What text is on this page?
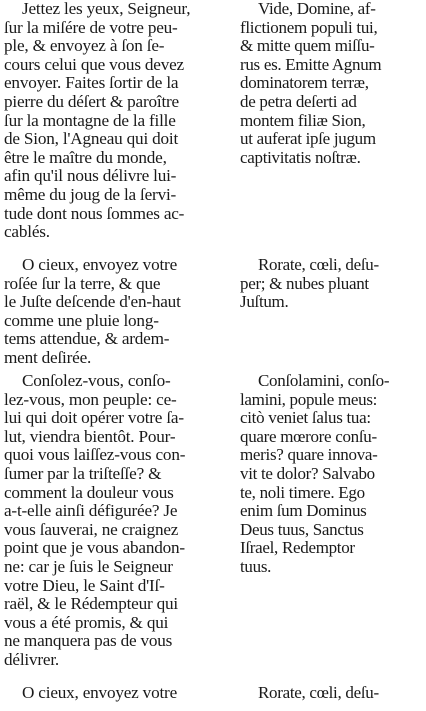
Jettez les yeux, Seigneur,
ſur la miſére de votre peu-
ple, & envoyez à ſon ſe-
cours celui que vous devez
envoyer. Faites ſortir de la
pierre du déſert & paroître
ſur la montagne de la fille
de Sion, l'Agneau qui doit
être le maître du monde,
afin qu'il nous délivre lui-
même du joug de la ſervi-
tude dont nous ſommes ac-
cablés.
O cieux, envoyez votre
roſée ſur la terre, & que
le Juſte deſcende d'en-haut
comme une pluie long-
tems attendue, & ardem-
ment deſirée.
Conſolez-vous, conſo-
lez-vous, mon peuple: ce-
lui qui doit opérer votre ſa-
lut, viendra bientôt. Pour-
quoi vous laiſſez-vous con-
ſumer par la triſteſſe? &
comment la douleur vous
a-t-elle ainſi défigurée? Je
vous ſauverai, ne craignez
point que je vous abandon-
ne: car je ſuis le Seigneur
votre Dieu, le Saint d'Iſ-
raël, & le Rédempteur qui
vous a été promis, & qui
ne manquera pas de vous
délivrer.
O cieux, envoyez votre
Vide, Domine, af-
flictionem populi tui,
& mitte quem miſſu-
rus es. Emitte Agnum
dominatorem terræ,
de petra deſerti ad
montem filiæ Sion,
ut auferat ipſe jugum
captivitatis noſtræ.
Rorate, cœli, deſu-
per; & nubes pluant
Juſtum.
Conſolamini, conſo-
lamini, popule meus:
citò veniet ſalus tua:
quare mœrore conſu-
meris? quare innova-
vit te dolor? Salvabo
te, noli timere. Ego
enim ſum Dominus
Deus tuus, Sanctus
Iſrael, Redemptor
tuus.
Rorate, cœli, deſu-
